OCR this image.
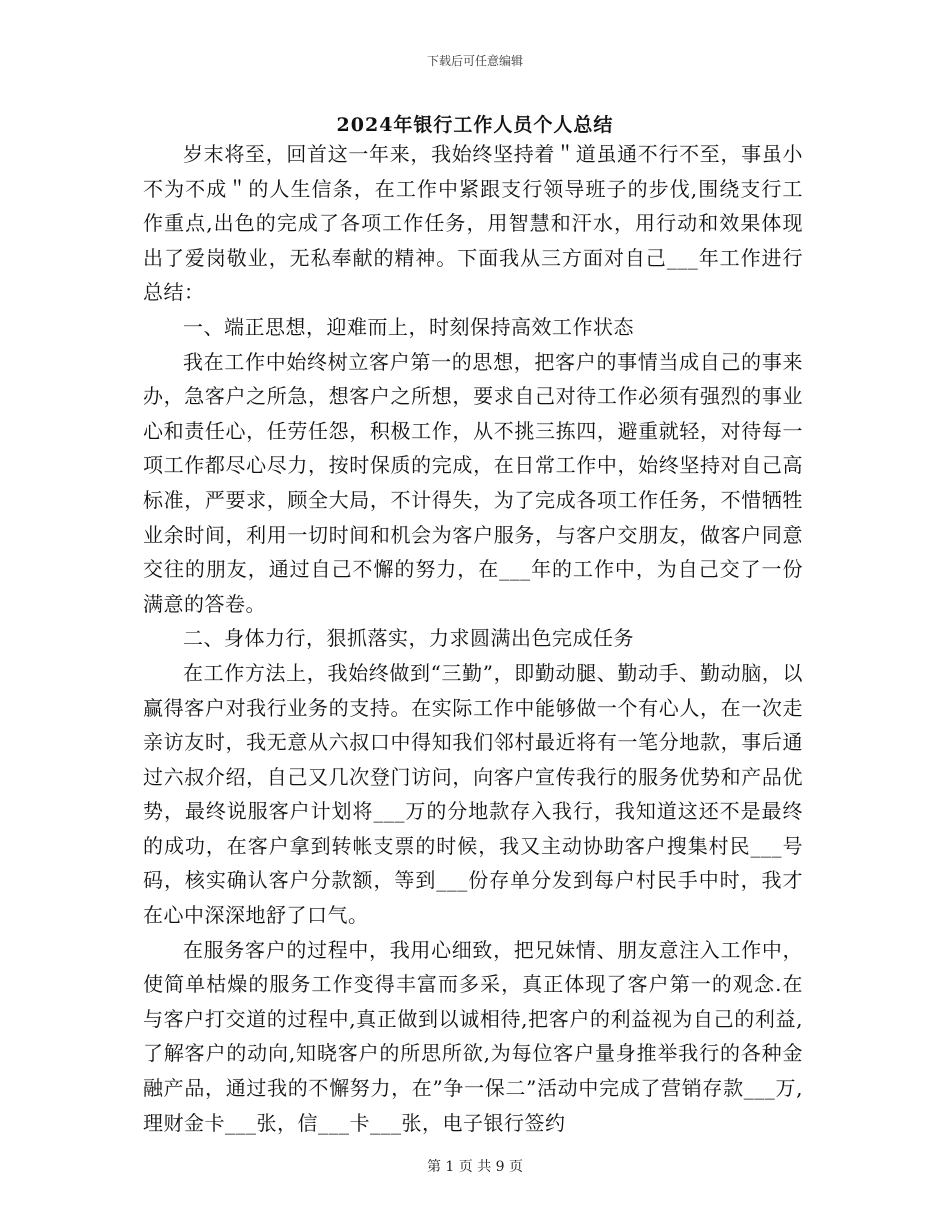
下载后可任意编辑
2024年银行工作人员个人总结

岁末将至，回首这一年来，我始终坚持着＂道虽通不行不至，事虽小不为不成＂的人生信条，在工作中紧跟支行领导班子的步伐,围绕支行工作重点,出色的完成了各项工作任务，用智慧和汗水，用行动和效果体现出了爱岗敬业，无私奉献的精神。下面我从三方面对自己___年工作进行总结：

一、端正思想，迎难而上，时刻保持高效工作状态

我在工作中始终树立客户第一的思想，把客户的事情当成自己的事来办，急客户之所急，想客户之所想，要求自己对待工作必须有强烈的事业心和责任心，任劳任怨，积极工作，从不挑三拣四，避重就轻，对待每一项工作都尽心尽力，按时保质的完成，在日常工作中，始终坚持对自己高标准，严要求，顾全大局，不计得失，为了完成各项工作任务，不惜牺牲业余时间，利用一切时间和机会为客户服务，与客户交朋友，做客户同意交往的朋友，通过自己不懈的努力，在___年的工作中，为自己交了一份满意的答卷。

二、身体力行，狠抓落实，力求圆满出色完成任务

在工作方法上，我始终做到“三勤”，即勤动腿、勤动手、勤动脑，以赢得客户对我行业务的支持。在实际工作中能够做一个有心人，在一次走亲访友时，我无意从六叔口中得知我们邻村最近将有一笔分地款，事后通过六叔介绍，自己又几次登门访问，向客户宣传我行的服务优势和产品优势，最终说服客户计划将___万的分地款存入我行，我知道这还不是最终的成功，在客户拿到转帐支票的时候，我又主动协助客户搜集村民___号码，核实确认客户分款额，等到___份存单分发到每户村民手中时，我才在心中深深地舒了口气。

在服务客户的过程中，我用心细致，把兄妹情、朋友意注入工作中，使简单枯燥的服务工作变得丰富而多采，真正体现了客户第一的观念.在与客户打交道的过程中,真正做到以诚相待,把客户的利益视为自己的利益,了解客户的动向,知晓客户的所思所欲,为每位客户量身推举我行的各种金融产品，通过我的不懈努力，在”争一保二”活动中完成了营销存款___万,理财金卡___张，信___卡___张，电子银行签约

第 1 页 共 9 页
